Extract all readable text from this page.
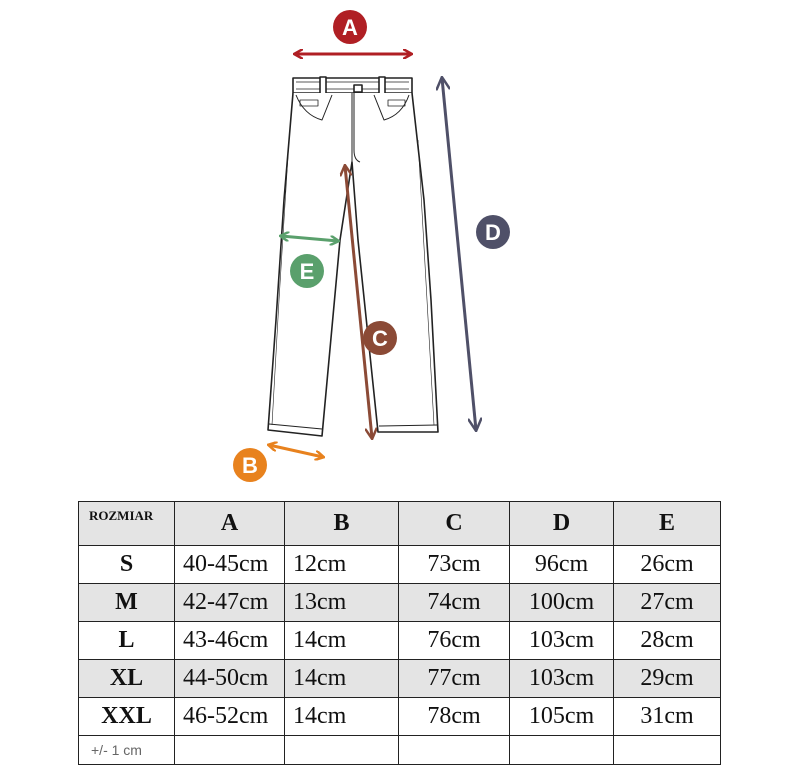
A
D
C
E
B
ROZMIAR	A	B	C	D	E
S	40-45cm	12cm	73cm	96cm	26cm
M	42-47cm	13cm	74cm	100cm	27cm
L	43-46cm	14cm	76cm	103cm	28cm
XL	44-50cm	14cm	77cm	103cm	29cm
XXL	46-52cm	14cm	78cm	105cm	31cm
+/- 1 cm					
